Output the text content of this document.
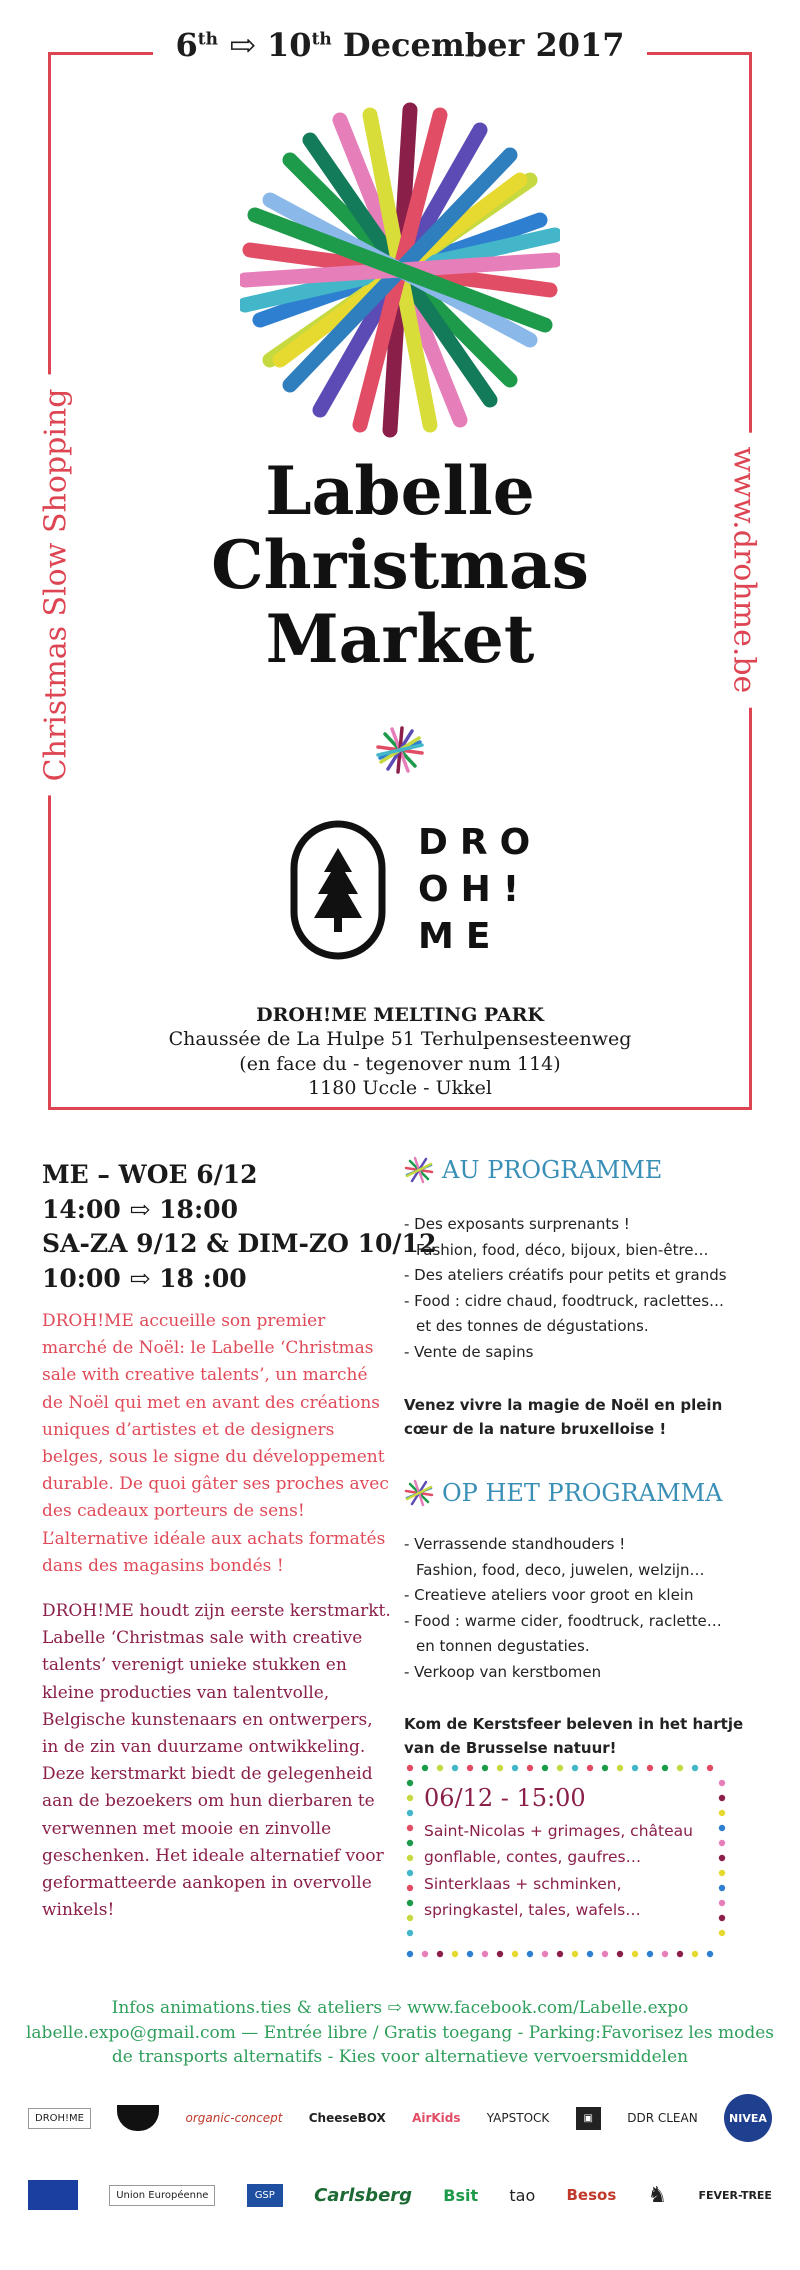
6th ⇨ 10th December 2017
Christmas Slow Shopping	www.drohme.be
Labelle
Christmas
Market
DRO
OH!
ME
DROH!ME MELTING PARK
Chaussée de La Hulpe 51 Terhulpensesteenweg
(en face du - tegenover num 114)
1180 Uccle - Ukkel
ME – WOE 6/12
14:00 ⇨ 18:00
SA-ZA 9/12 & DIM-ZO 10/12
10:00 ⇨ 18 :00
DROH!ME accueille son premier marché de Noël: le Labelle ‘Christmas sale with creative talents’, un marché de Noël qui met en avant des créations uniques d’artistes et de designers belges, sous le signe du développement durable. De quoi gâter ses proches avec des cadeaux porteurs de sens! L’alternative idéale aux achats formatés dans des magasins bondés !
DROH!ME houdt zijn eerste kerstmarkt. Labelle ‘Christmas sale with creative talents’ verenigt unieke stukken en kleine producties van talentvolle, Belgische kunstenaars en ontwerpers, in de zin van duurzame ontwikkeling. Deze kerstmarkt biedt de gelegenheid aan de bezoekers om hun dierbaren te verwennen met mooie en zinvolle geschenken. Het ideale alternatief voor geformatteerde aankopen in overvolle winkels!
AU PROGRAMME
- Des exposants surprenants !
Fashion, food, déco, bijoux, bien-être…
- Des ateliers créatifs pour petits et grands
- Food : cidre chaud, foodtruck, raclettes…
et des tonnes de dégustations.
- Vente de sapins
Venez vivre la magie de Noël en plein cœur de la nature bruxelloise !
OP HET PROGRAMMA
- Verrassende standhouders !
Fashion, food, deco, juwelen, welzijn…
- Creatieve ateliers voor groot en klein
- Food : warme cider, foodtruck, raclette…
en tonnen degustaties.
- Verkoop van kerstbomen
Kom de Kerstsfeer beleven in het hartje van de Brusselse natuur!
06/12 - 15:00
Saint-Nicolas + grimages, château
gonflable, contes, gaufres…
Sinterklaas + schminken,
springkastel, tales, wafels…
Infos animations.ties & ateliers ⇨ www.facebook.com/Labelle.expo
labelle.expo@gmail.com — Entrée libre / Gratis toegang - Parking:Favorisez les modes
de transports alternatifs - Kies voor alternatieve vervoersmiddelen
DROH!ME	organic-concept CheeseBOX AirKids YAPSTOCK	▣	DDR CLEAN	NIVEA
Union Européenne	GSP	Carlsberg Bsit tao Besos ♞	FEVER-TREE
